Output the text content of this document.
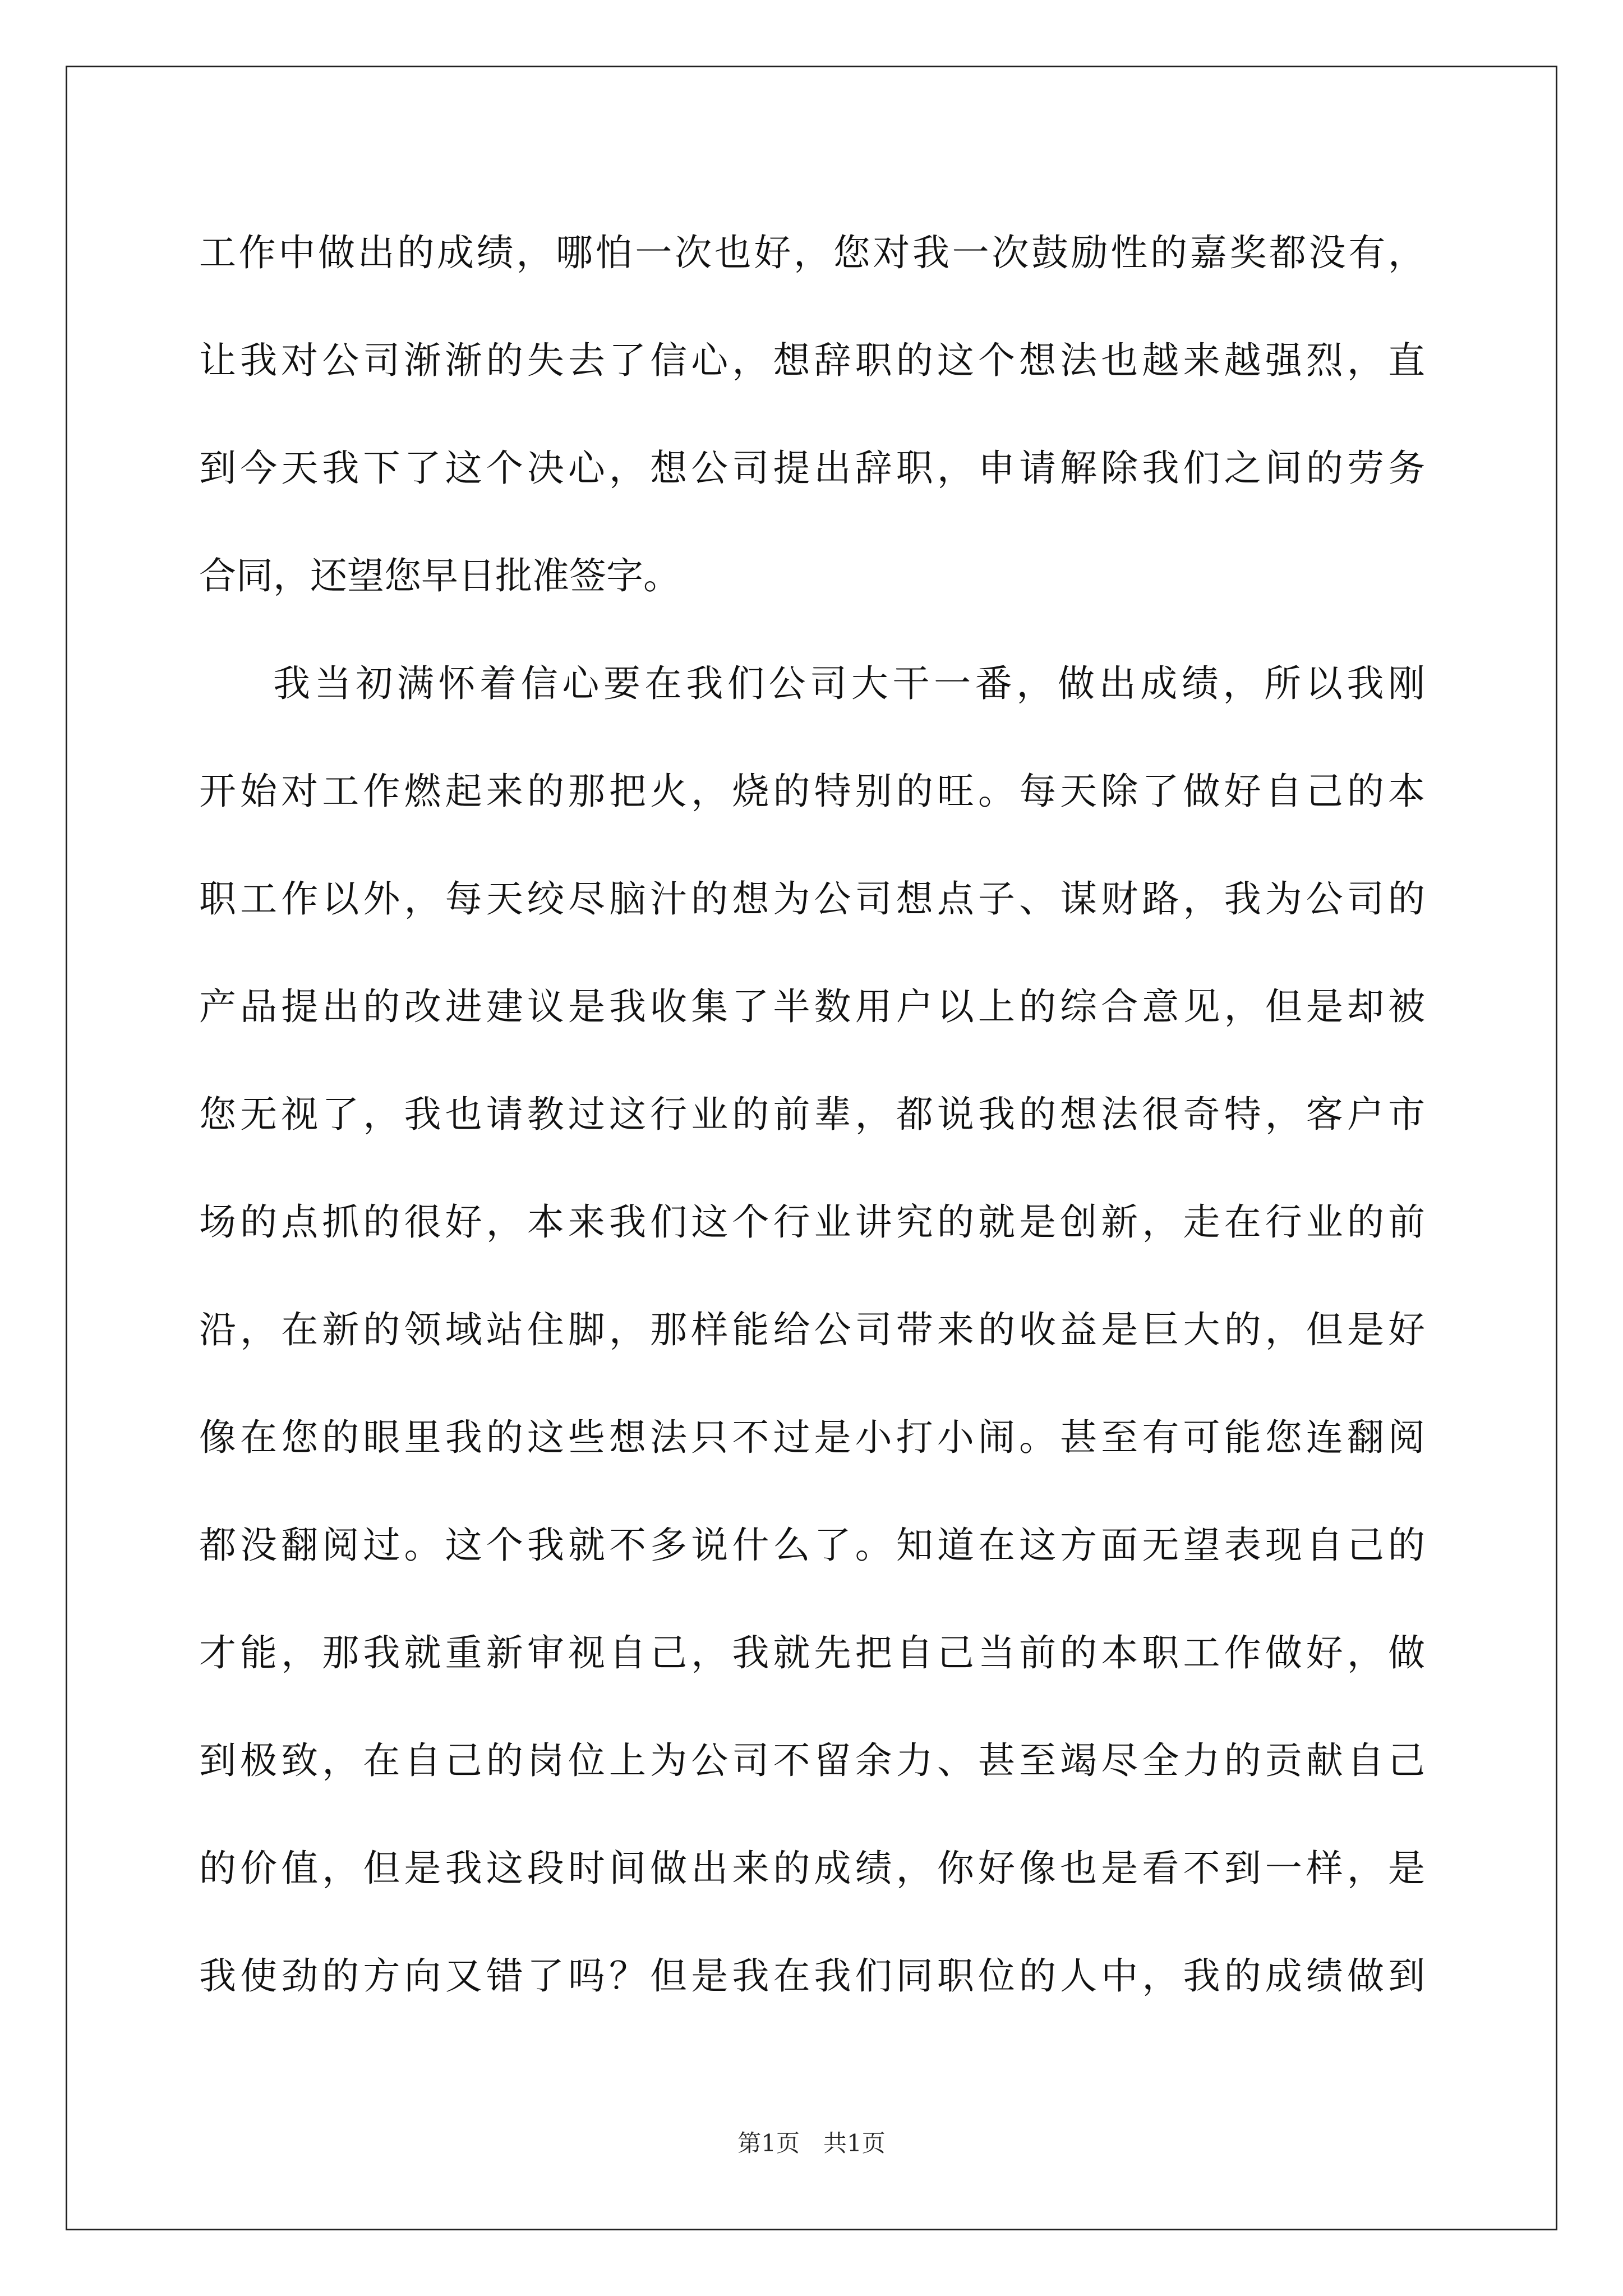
工作中做出的成绩，哪怕一次也好，您对我一次鼓励性的嘉奖都没有，
让我对公司渐渐的失去了信心，想辞职的这个想法也越来越强烈，直
到今天我下了这个决心，想公司提出辞职，申请解除我们之间的劳务
合同，还望您早日批准签字。
我当初满怀着信心要在我们公司大干一番，做出成绩，所以我刚
开始对工作燃起来的那把火，烧的特别的旺。每天除了做好自己的本
职工作以外，每天绞尽脑汁的想为公司想点子、谋财路，我为公司的
产品提出的改进建议是我收集了半数用户以上的综合意见，但是却被
您无视了，我也请教过这行业的前辈，都说我的想法很奇特，客户市
场的点抓的很好，本来我们这个行业讲究的就是创新，走在行业的前
沿，在新的领域站住脚，那样能给公司带来的收益是巨大的，但是好
像在您的眼里我的这些想法只不过是小打小闹。甚至有可能您连翻阅
都没翻阅过。这个我就不多说什么了。知道在这方面无望表现自己的
才能，那我就重新审视自己，我就先把自己当前的本职工作做好，做
到极致，在自己的岗位上为公司不留余力、甚至竭尽全力的贡献自己
的价值，但是我这段时间做出来的成绩，你好像也是看不到一样，是
我使劲的方向又错了吗？但是我在我们同职位的人中，我的成绩做到
第1页　共1页
